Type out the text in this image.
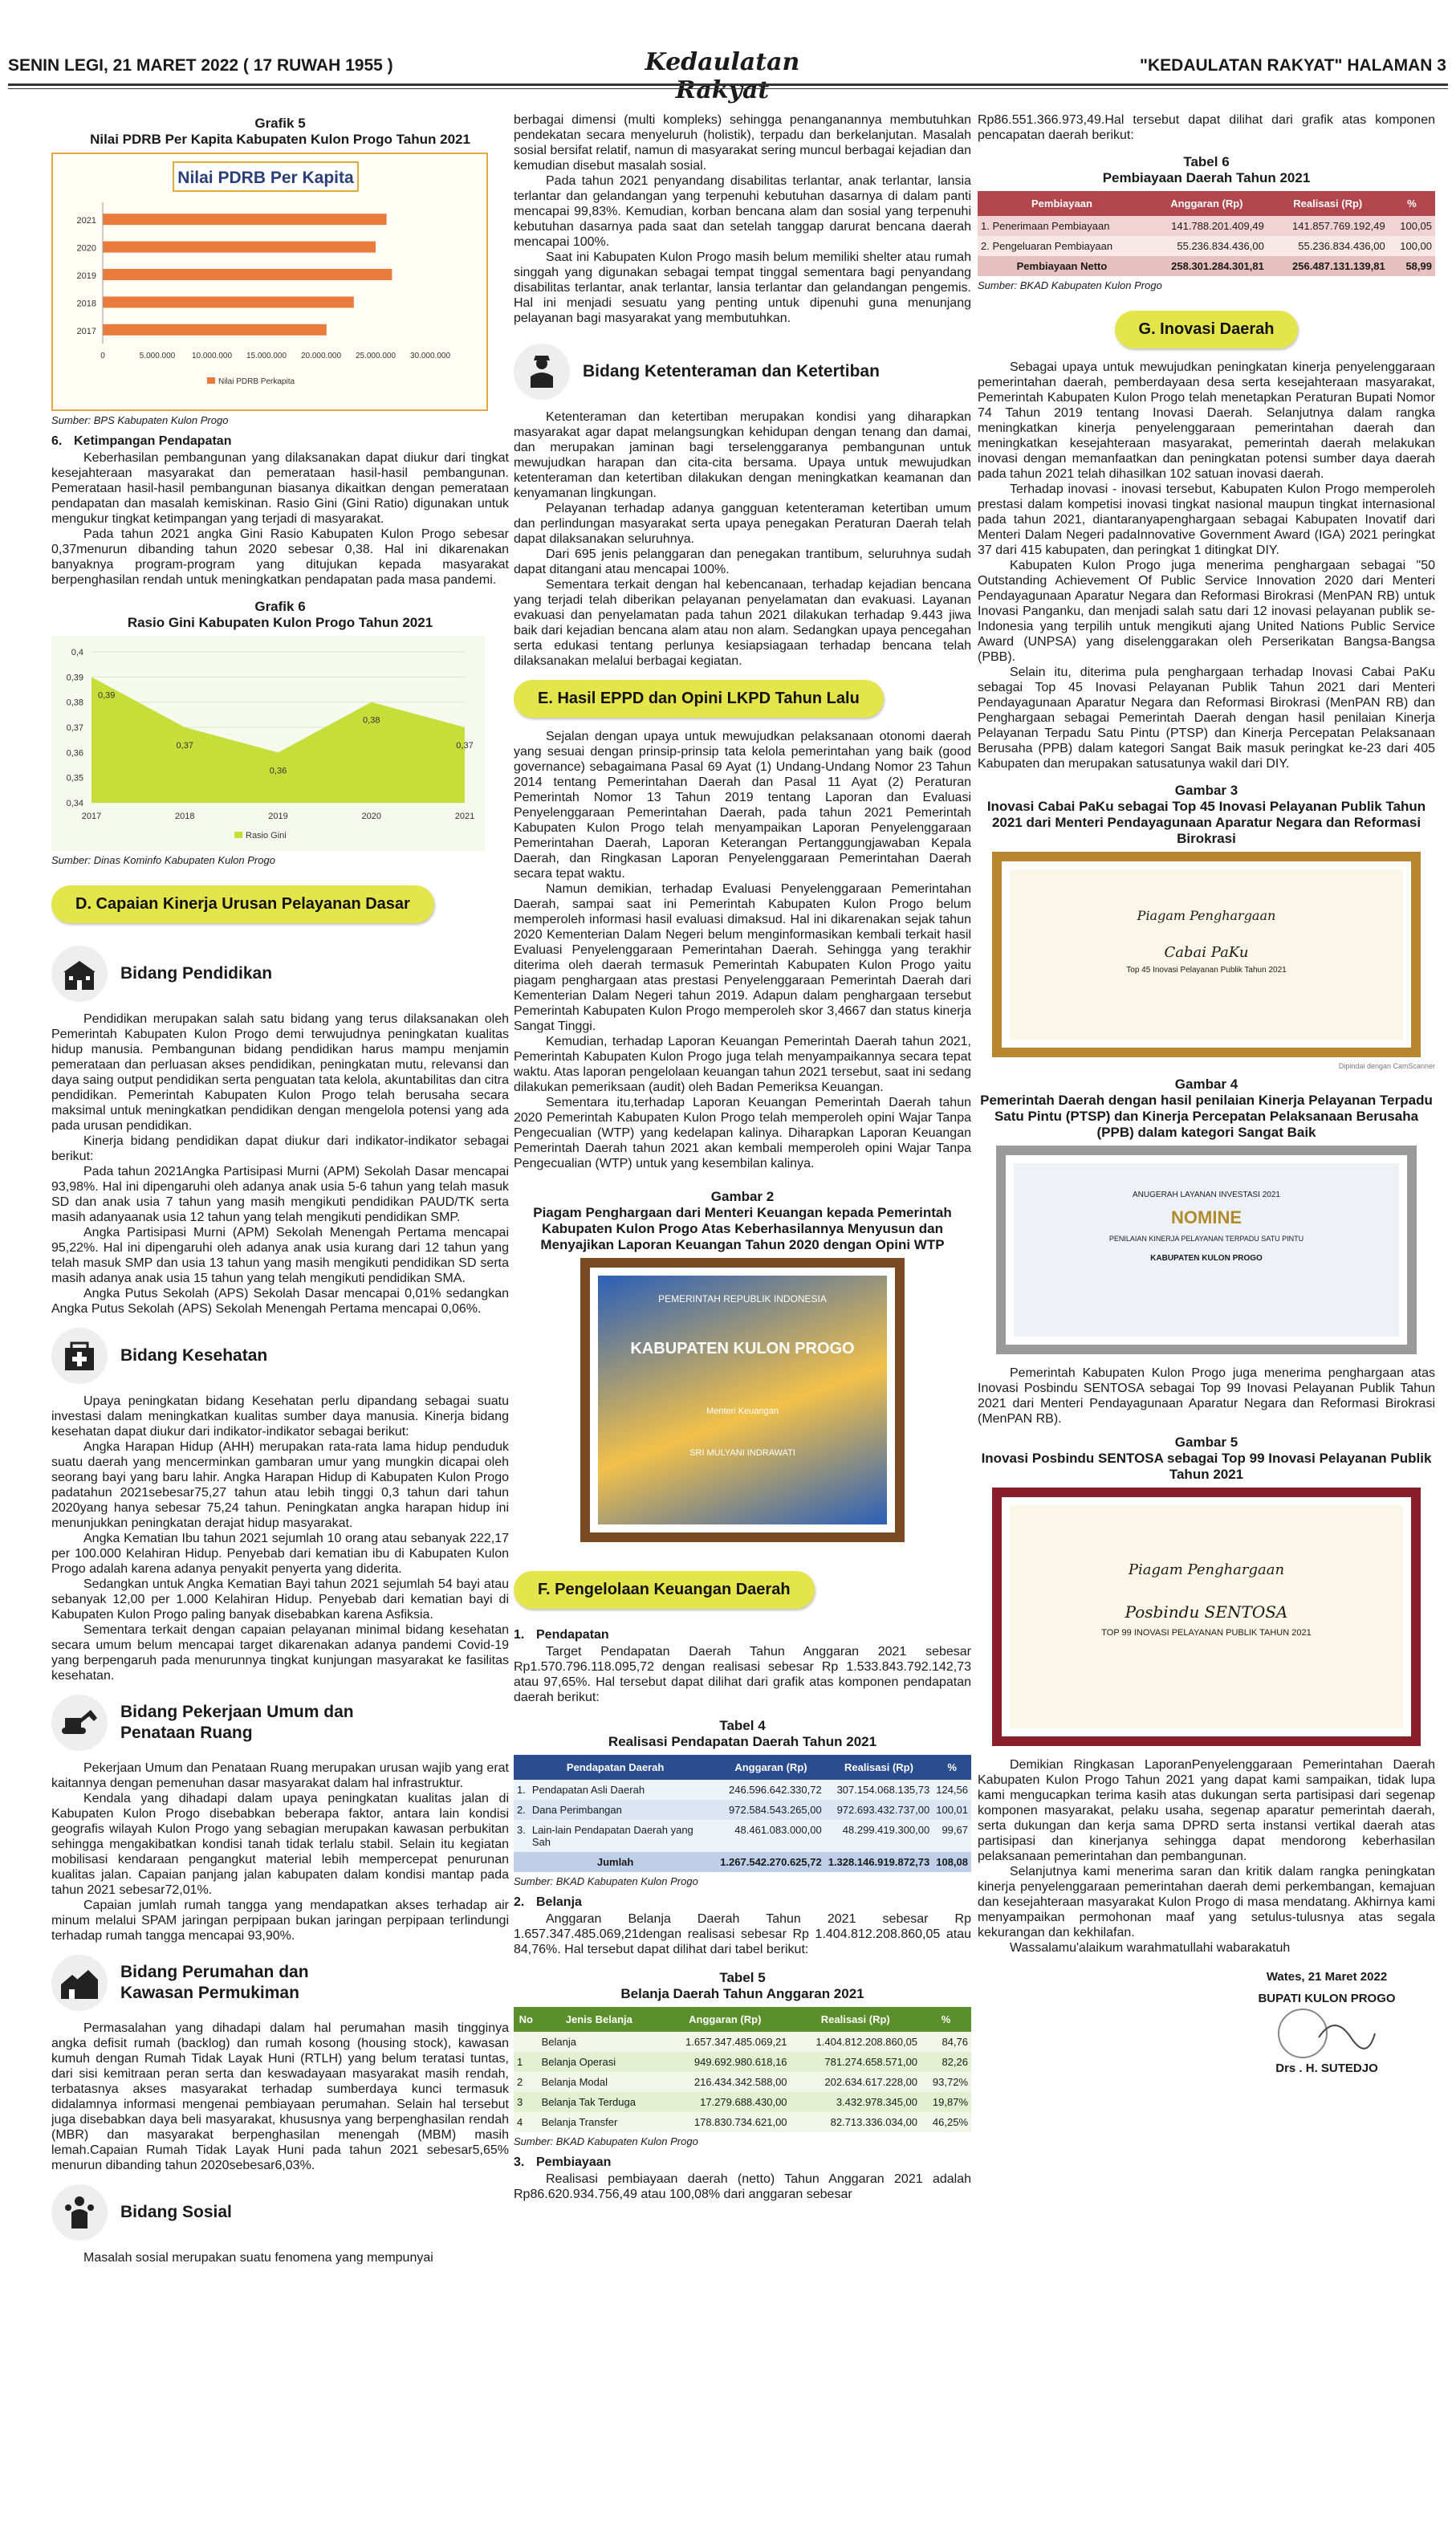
SENIN LEGI, 21 MARET 2022 ( 17 RUWAH 1955 )	Kedaulatan Rakyat
"KEDAULATAN RAKYAT" HALAMAN 3
Grafik 5
Nilai PDRB Per Kapita Kabupaten Kulon Progo Tahun 2021
Nilai PDRB Per Kapita
2021
2020
2019
2018
2017
0	5.000.000 10.000.000 15.000.000 20.000.000 25.000.000 30.000.000
Nilai PDRB Perkapita
Sumber: BPS Kabupaten Kulon Progo
6. Ketimpangan Pendapatan

Keberhasilan pembangunan yang dilaksanakan dapat diukur dari tingkat kesejahteraan masyarakat dan pemerataan hasil-hasil pembangunan. Pemerataan hasil-hasil pembangunan biasanya dikaitkan dengan pemerataan pendapatan dan masalah kemiskinan. Rasio Gini (Gini Ratio) digunakan untuk mengukur tingkat ketimpangan yang terjadi di masyarakat.

Pada tahun 2021 angka Gini Rasio Kabupaten Kulon Progo sebesar 0,37menurun dibanding tahun 2020 sebesar 0,38. Hal ini dikarenakan banyaknya program-program yang ditujukan kepada masyarakat berpenghasilan rendah untuk meningkatkan pendapatan pada masa pandemi.

Grafik 6
Rasio Gini Kabupaten Kulon Progo Tahun 2021
0,34
0,35
0,36
0,37
0,38
0,39
0,4
0,39
2017
0,37
2018
0,36
2019
0,38
2020
0,37
2021
Rasio Gini
Sumber: Dinas Kominfo Kabupaten Kulon Progo
D. Capaian Kinerja Urusan Pelayanan Dasar
Bidang Pendidikan

Pendidikan merupakan salah satu bidang yang terus dilaksanakan oleh Pemerintah Kabupaten Kulon Progo demi terwujudnya peningkatan kualitas hidup manusia. Pembangunan bidang pendidikan harus mampu menjamin pemerataan dan perluasan akses pendidikan, peningkatan mutu, relevansi dan daya saing output pendidikan serta penguatan tata kelola, akuntabilitas dan citra pendidikan. Pemerintah Kabupaten Kulon Progo telah berusaha secara maksimal untuk meningkatkan pendidikan dengan mengelola potensi yang ada pada urusan pendidikan.

Kinerja bidang pendidikan dapat diukur dari indikator-indikator sebagai berikut:

Pada tahun 2021Angka Partisipasi Murni (APM) Sekolah Dasar mencapai 93,98%. Hal ini dipengaruhi oleh adanya anak usia 5-6 tahun yang telah masuk SD dan anak usia 7 tahun yang masih mengikuti pendidikan PAUD/TK serta masih adanyaanak usia 12 tahun yang telah mengikuti pendidikan SMP.

Angka Partisipasi Murni (APM) Sekolah Menengah Pertama mencapai 95,22%. Hal ini dipengaruhi oleh adanya anak usia kurang dari 12 tahun yang telah masuk SMP dan usia 13 tahun yang masih mengikuti pendidikan SD serta masih adanya anak usia 15 tahun yang telah mengikuti pendidikan SMA.

Angka Putus Sekolah (APS) Sekolah Dasar mencapai 0,01% sedangkan Angka Putus Sekolah (APS) Sekolah Menengah Pertama mencapai 0,06%.

Bidang Kesehatan

Upaya peningkatan bidang Kesehatan perlu dipandang sebagai suatu investasi dalam meningkatkan kualitas sumber daya manusia. Kinerja bidang kesehatan dapat diukur dari indikator-indikator sebagai berikut:

Angka Harapan Hidup (AHH) merupakan rata-rata lama hidup penduduk suatu daerah yang mencerminkan gambaran umur yang mungkin dicapai oleh seorang bayi yang baru lahir. Angka Harapan Hidup di Kabupaten Kulon Progo padatahun 2021sebesar75,27 tahun atau lebih tinggi 0,3 tahun dari tahun 2020yang hanya sebesar 75,24 tahun. Peningkatan angka harapan hidup ini menunjukkan peningkatan derajat hidup masyarakat.

Angka Kematian Ibu tahun 2021 sejumlah 10 orang atau sebanyak 222,17 per 100.000 Kelahiran Hidup. Penyebab dari kematian ibu di Kabupaten Kulon Progo adalah karena adanya penyakit penyerta yang diderita.

Sedangkan untuk Angka Kematian Bayi tahun 2021 sejumlah 54 bayi atau sebanyak 12,00 per 1.000 Kelahiran Hidup. Penyebab dari kematian bayi di Kabupaten Kulon Progo paling banyak disebabkan karena Asfiksia.

Sementara terkait dengan capaian pelayanan minimal bidang kesehatan secara umum belum mencapai target dikarenakan adanya pandemi Covid-19 yang berpengaruh pada menurunnya tingkat kunjungan masyarakat ke fasilitas kesehatan.

Bidang Pekerjaan Umum dan
Penataan Ruang

Pekerjaan Umum dan Penataan Ruang merupakan urusan wajib yang erat kaitannya dengan pemenuhan dasar masyarakat dalam hal infrastruktur.

Kendala yang dihadapi dalam upaya peningkatan kualitas jalan di Kabupaten Kulon Progo disebabkan beberapa faktor, antara lain kondisi geografis wilayah Kulon Progo yang sebagian merupakan kawasan perbukitan sehingga mengakibatkan kondisi tanah tidak terlalu stabil. Selain itu kegiatan mobilisasi kendaraan pengangkut material lebih mempercepat penurunan kualitas jalan. Capaian panjang jalan kabupaten dalam kondisi mantap pada tahun 2021 sebesar72,01%.

Capaian jumlah rumah tangga yang mendapatkan akses terhadap air minum melalui SPAM jaringan perpipaan bukan jaringan perpipaan terlindungi terhadap rumah tangga mencapai 93,90%.

Bidang Perumahan dan
Kawasan Permukiman

Permasalahan yang dihadapi dalam hal perumahan masih tingginya angka defisit rumah (backlog) dan rumah kosong (housing stock), kawasan kumuh dengan Rumah Tidak Layak Huni (RTLH) yang belum teratasi tuntas, dari sisi kemitraan peran serta dan keswadayaan masyarakat masih rendah, terbatasnya akses masyarakat terhadap sumberdaya kunci termasuk didalamnya informasi mengenai pembiayaan perumahan. Selain hal tersebut juga disebabkan daya beli masyarakat, khususnya yang berpenghasilan rendah (MBR) dan masyarakat berpenghasilan menengah (MBM) masih lemah.Capaian Rumah Tidak Layak Huni pada tahun 2021 sebesar5,65% menurun dibanding tahun 2020sebesar6,03%.

Bidang Sosial

Masalah sosial merupakan suatu fenomena yang mempunyai

berbagai dimensi (multi kompleks) sehingga penanganannya membutuhkan pendekatan secara menyeluruh (holistik), terpadu dan berkelanjutan. Masalah sosial bersifat relatif, namun di masyarakat sering muncul berbagai kejadian dan kemudian disebut masalah sosial.

Pada tahun 2021 penyandang disabilitas terlantar, anak terlantar, lansia terlantar dan gelandangan yang terpenuhi kebutuhan dasarnya di dalam panti mencapai 99,83%. Kemudian, korban bencana alam dan sosial yang terpenuhi kebutuhan dasarnya pada saat dan setelah tanggap darurat bencana daerah mencapai 100%.

Saat ini Kabupaten Kulon Progo masih belum memiliki shelter atau rumah singgah yang digunakan sebagai tempat tinggal sementara bagi penyandang disabilitas terlantar, anak terlantar, lansia terlantar dan gelandangan pengemis. Hal ini menjadi sesuatu yang penting untuk dipenuhi guna menunjang pelayanan bagi masyarakat yang membutuhkan.

Bidang Ketenteraman dan Ketertiban

Ketenteraman dan ketertiban merupakan kondisi yang diharapkan masyarakat agar dapat melangsungkan kehidupan dengan tenang dan damai, dan merupakan jaminan bagi terselenggaranya pembangunan untuk mewujudkan harapan dan cita-cita bersama. Upaya untuk mewujudkan ketenteraman dan ketertiban dilakukan dengan meningkatkan keamanan dan kenyamanan lingkungan.

Pelayanan terhadap adanya gangguan ketenteraman ketertiban umum dan perlindungan masyarakat serta upaya penegakan Peraturan Daerah telah dapat dilaksanakan seluruhnya.

Dari 695 jenis pelanggaran dan penegakan trantibum, seluruhnya sudah dapat ditangani atau mencapai 100%.

Sementara terkait dengan hal kebencanaan, terhadap kejadian bencana yang terjadi telah diberikan pelayanan penyelamatan dan evakuasi. Layanan evakuasi dan penyelamatan pada tahun 2021 dilakukan terhadap 9.443 jiwa baik dari kejadian bencana alam atau non alam. Sedangkan upaya pencegahan serta edukasi tentang perlunya kesiapsiagaan terhadap bencana telah dilaksanakan melalui berbagai kegiatan.

E. Hasil EPPD dan Opini LKPD Tahun Lalu

Sejalan dengan upaya untuk mewujudkan pelaksanaan otonomi daerah yang sesuai dengan prinsip-prinsip tata kelola pemerintahan yang baik (good governance) sebagaimana Pasal 69 Ayat (1) Undang-Undang Nomor 23 Tahun 2014 tentang Pemerintahan Daerah dan Pasal 11 Ayat (2) Peraturan Pemerintah Nomor 13 Tahun 2019 tentang Laporan dan Evaluasi Penyelenggaraan Pemerintahan Daerah, pada tahun 2021 Pemerintah Kabupaten Kulon Progo telah menyampaikan Laporan Penyelenggaraan Pemerintahan Daerah, Laporan Keterangan Pertanggungjawaban Kepala Daerah, dan Ringkasan Laporan Penyelenggaraan Pemerintahan Daerah secara tepat waktu.

Namun demikian, terhadap Evaluasi Penyelenggaraan Pemerintahan Daerah, sampai saat ini Pemerintah Kabupaten Kulon Progo belum memperoleh informasi hasil evaluasi dimaksud. Hal ini dikarenakan sejak tahun 2020 Kementerian Dalam Negeri belum menginformasikan kembali terkait hasil Evaluasi Penyelenggaraan Pemerintahan Daerah. Sehingga yang terakhir diterima oleh daerah termasuk Pemerintah Kabupaten Kulon Progo yaitu piagam penghargaan atas prestasi Penyelenggaraan Pemerintah Daerah dari Kementerian Dalam Negeri tahun 2019. Adapun dalam penghargaan tersebut Pemerintah Kabupaten Kulon Progo memperoleh skor 3,4667 dan status kinerja Sangat Tinggi.

Kemudian, terhadap Laporan Keuangan Pemerintah Daerah tahun 2021, Pemerintah Kabupaten Kulon Progo juga telah menyampaikannya secara tepat waktu. Atas laporan pengelolaan keuangan tahun 2021 tersebut, saat ini sedang dilakukan pemeriksaan (audit) oleh Badan Pemeriksa Keuangan.

Sementara itu,terhadap Laporan Keuangan Pemerintah Daerah tahun 2020 Pemerintah Kabupaten Kulon Progo telah memperoleh opini Wajar Tanpa Pengecualian (WTP) yang kedelapan kalinya. Diharapkan Laporan Keuangan Pemerintah Daerah tahun 2021 akan kembali memperoleh opini Wajar Tanpa Pengecualian (WTP) untuk yang kesembilan kalinya.

Gambar 2
Piagam Penghargaan dari Menteri Keuangan kepada Pemerintah Kabupaten Kulon Progo Atas Keberhasilannya Menyusun dan Menyajikan Laporan Keuangan Tahun 2020 dengan Opini WTP
PEMERINTAH REPUBLIK INDONESIA
KABUPATEN KULON PROGO
Menteri Keuangan
SRI MULYANI INDRAWATI
F. Pengelolaan Keuangan Daerah
1. Pendapatan

Target Pendapatan Daerah Tahun Anggaran 2021 sebesar Rp1.570.796.118.095,72 dengan realisasi sebesar Rp 1.533.843.792.142,73 atau 97,65%. Hal tersebut dapat dilihat dari grafik atas komponen pendapatan daerah berikut:

Tabel 4
Realisasi Pendapatan Daerah Tahun 2021
Pendapatan Daerah		Anggaran (Rp)	Realisasi (Rp)	%
1.	Pendapatan Asli Daerah	246.596.642.330,72	307.154.068.135,73	124,56
2.	Dana Perimbangan	972.584.543.265,00	972.693.432.737,00	100,01
3.	Lain-lain Pendapatan Daerah yang Sah	48.461.083.000,00	48.299.419.300,00	99,67
Jumlah		1.267.542.270.625,72	1.328.146.919.872,73	108,08
Sumber: BKAD Kabupaten Kulon Progo
2. Belanja

Anggaran Belanja Daerah Tahun 2021 sebesar Rp 1.657.347.485.069,21dengan realisasi sebesar Rp 1.404.812.208.860,05 atau 84,76%. Hal tersebut dapat dilihat dari tabel berikut:

Tabel 5
Belanja Daerah Tahun Anggaran 2021
No	Jenis Belanja	Anggaran (Rp)	Realisasi (Rp)	%
	Belanja	1.657.347.485.069,21	1.404.812.208.860,05	84,76
1	Belanja Operasi	949.692.980.618,16	781.274.658.571,00	82,26
2	Belanja Modal	216.434.342.588,00	202.634.617.228,00	93,72%
3	Belanja Tak Terduga	17.279.688.430,00	3.432.978.345,00	19,87%
4	Belanja Transfer	178.830.734.621,00	82.713.336.034,00	46,25%
Sumber: BKAD Kabupaten Kulon Progo
3. Pembiayaan

Realisasi pembiayaan daerah (netto) Tahun Anggaran 2021 adalah Rp86.620.934.756,49 atau 100,08% dari anggaran sebesar

Rp86.551.366.973,49.Hal tersebut dapat dilihat dari grafik atas komponen pencapatan daerah berikut:

Tabel 6
Pembiayaan Daerah Tahun 2021
Pembiayaan	Anggaran (Rp)	Realisasi (Rp)	%
1. Penerimaan Pembiayaan	141.788.201.409,49	141.857.769.192,49	100,05
2. Pengeluaran Pembiayaan	55.236.834.436,00	55.236.834.436,00	100,00
Pembiayaan Netto	258.301.284.301,81	256.487.131.139,81	58,99
Sumber: BKAD Kabupaten Kulon Progo
G. Inovasi Daerah

Sebagai upaya untuk mewujudkan peningkatan kinerja penyelenggaraan pemerintahan daerah, pemberdayaan desa serta kesejahteraan masyarakat, Pemerintah Kabupaten Kulon Progo telah menetapkan Peraturan Bupati Nomor 74 Tahun 2019 tentang Inovasi Daerah. Selanjutnya dalam rangka meningkatkan kinerja penyelenggaraan pemerintahan daerah dan meningkatkan kesejahteraan masyarakat, pemerintah daerah melakukan inovasi dengan memanfaatkan dan peningkatan potensi sumber daya daerah pada tahun 2021 telah dihasilkan 102 satuan inovasi daerah.

Terhadap inovasi - inovasi tersebut, Kabupaten Kulon Progo memperoleh prestasi dalam kompetisi inovasi tingkat nasional maupun tingkat internasional pada tahun 2021, diantaranyapenghargaan sebagai Kabupaten Inovatif dari Menteri Dalam Negeri padaInnovative Government Award (IGA) 2021 peringkat 37 dari 415 kabupaten, dan peringkat 1 ditingkat DIY.

Kabupaten Kulon Progo juga menerima penghargaan sebagai "50 Outstanding Achievement Of Public Service Innovation 2020 dari Menteri Pendayagunaan Aparatur Negara dan Reformasi Birokrasi (MenPAN RB) untuk Inovasi Panganku, dan menjadi salah satu dari 12 inovasi pelayanan publik se-Indonesia yang terpilih untuk mengikuti ajang United Nations Public Service Award (UNPSA) yang diselenggarakan oleh Perserikatan Bangsa-Bangsa (PBB).

Selain itu, diterima pula penghargaan terhadap Inovasi Cabai PaKu sebagai Top 45 Inovasi Pelayanan Publik Tahun 2021 dari Menteri Pendayagunaan Aparatur Negara dan Reformasi Birokrasi (MenPAN RB) dan Penghargaan sebagai Pemerintah Daerah dengan hasil penilaian Kinerja Pelayanan Terpadu Satu Pintu (PTSP) dan Kinerja Percepatan Pelaksanaan Berusaha (PPB) dalam kategori Sangat Baik masuk peringkat ke-23 dari 405 Kabupaten dan merupakan satusatunya wakil dari DIY.

Gambar 3
Inovasi Cabai PaKu sebagai Top 45 Inovasi Pelayanan Publik Tahun 2021 dari Menteri Pendayagunaan Aparatur Negara dan Reformasi Birokrasi
Piagam Penghargaan
Cabai PaKu
Top 45 Inovasi Pelayanan Publik Tahun 2021
Dipindai dengan CamScanner
Gambar 4
Pemerintah Daerah dengan hasil penilaian Kinerja Pelayanan Terpadu Satu Pintu (PTSP) dan Kinerja Percepatan Pelaksanaan Berusaha (PPB) dalam kategori Sangat Baik
ANUGERAH LAYANAN INVESTASI 2021
NOMINE
PENILAIAN KINERJA PELAYANAN TERPADU SATU PINTU
KABUPATEN KULON PROGO

Pemerintah Kabupaten Kulon Progo juga menerima penghargaan atas Inovasi Posbindu SENTOSA sebagai Top 99 Inovasi Pelayanan Publik Tahun 2021 dari Menteri Pendayagunaan Aparatur Negara dan Reformasi Birokrasi (MenPAN RB).

Gambar 5
Inovasi Posbindu SENTOSA sebagai Top 99 Inovasi Pelayanan Publik Tahun 2021
Piagam Penghargaan
Posbindu SENTOSA
TOP 99 INOVASI PELAYANAN PUBLIK TAHUN 2021

Demikian Ringkasan LaporanPenyelenggaraan Pemerintahan Daerah Kabupaten Kulon Progo Tahun 2021 yang dapat kami sampaikan, tidak lupa kami mengucapkan terima kasih atas dukungan serta partisipasi dari segenap komponen masyarakat, pelaku usaha, segenap aparatur pemerintah daerah, serta dukungan dan kerja sama DPRD serta instansi vertikal daerah atas partisipasi dan kinerjanya sehingga dapat mendorong keberhasilan pelaksanaan pemerintahan dan pembangunan.

Selanjutnya kami menerima saran dan kritik dalam rangka peningkatan kinerja penyelenggaraan pemerintahan daerah demi perkembangan, kemajuan dan kesejahteraan masyarakat Kulon Progo di masa mendatang. Akhirnya kami menyampaikan permohonan maaf yang setulus-tulusnya atas segala kekurangan dan kekhilafan.

Wassalamu'alaikum warahmatullahi wabarakatuh

Wates, 21 Maret 2022
BUPATI KULON PROGO
Drs . H. SUTEDJO
